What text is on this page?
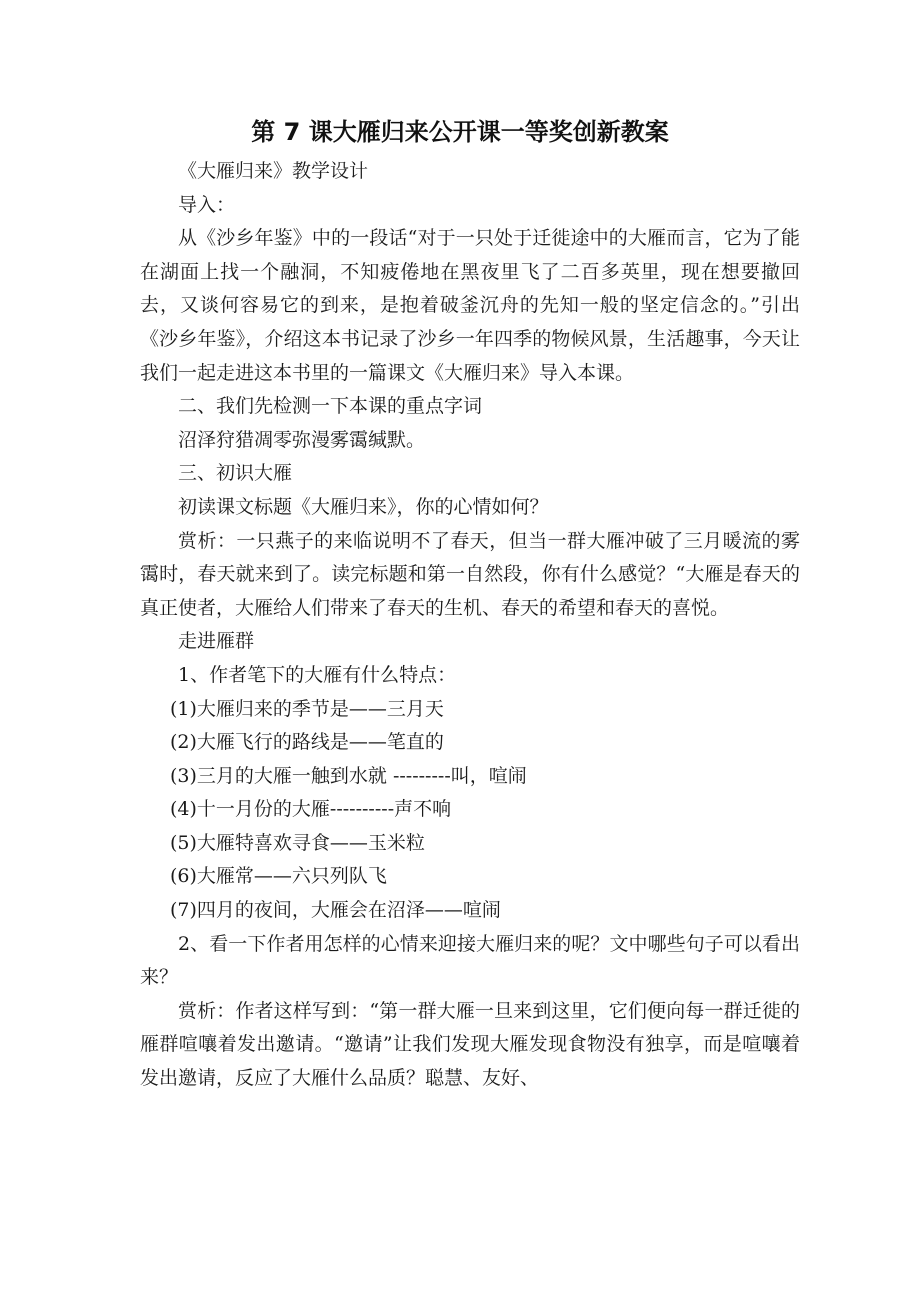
第 7 课大雁归来公开课一等奖创新教案

《大雁归来》教学设计

导入：

从《沙乡年鉴》中的一段话“对于一只处于迁徙途中的大雁而言，它为了能在湖面上找一个融洞，不知疲倦地在黑夜里飞了二百多英里，现在想要撤回去，又谈何容易它的到来，是抱着破釜沉舟的先知一般的坚定信念的。”引出《沙乡年鉴》，介绍这本书记录了沙乡一年四季的物候风景，生活趣事，今天让我们一起走进这本书里的一篇课文《大雁归来》导入本课。

二、我们先检测一下本课的重点字词

沼泽狩猎凋零弥漫雾霭缄默。

三、初识大雁

初读课文标题《大雁归来》，你的心情如何？

赏析：一只燕子的来临说明不了春天，但当一群大雁冲破了三月暖流的雾霭时，春天就来到了。读完标题和第一自然段，你有什么感觉？“大雁是春天的真正使者，大雁给人们带来了春天的生机、春天的希望和春天的喜悦。

走进雁群

1、作者笔下的大雁有什么特点：

(1)大雁归来的季节是——三月天

(2)大雁飞行的路线是——笔直的

(3)三月的大雁一触到水就 ---------叫，喧闹

(4)十一月份的大雁----------声不响

(5)大雁特喜欢寻食——玉米粒

(6)大雁常——六只列队飞

(7)四月的夜间，大雁会在沼泽——喧闹

2、看一下作者用怎样的心情来迎接大雁归来的呢？文中哪些句子可以看出来？

赏析：作者这样写到：“第一群大雁一旦来到这里，它们便向每一群迁徙的雁群喧嚷着发出邀请。“邀请”让我们发现大雁发现食物没有独享，而是喧嚷着发出邀请，反应了大雁什么品质？聪慧、友好、
